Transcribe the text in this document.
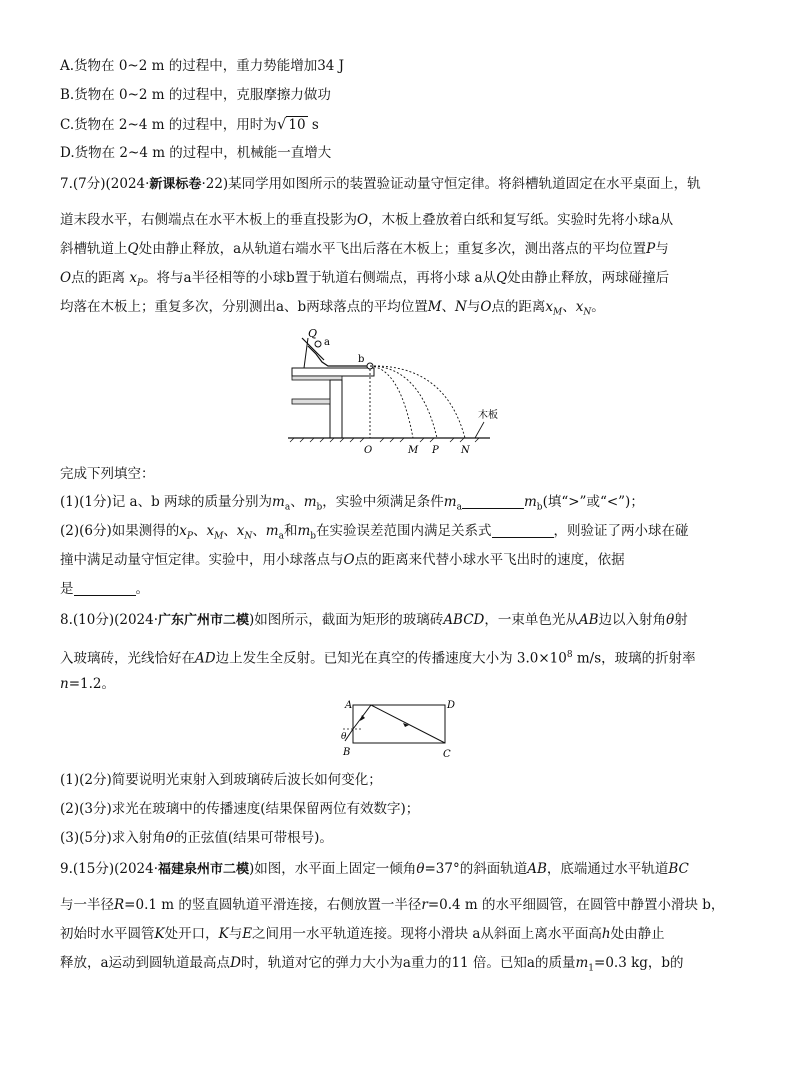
A.货物在 0~2 m 的过程中，重力势能增加34 J
B.货物在 0~2 m 的过程中，克服摩擦力做功
C.货物在 2~4 m 的过程中，用时为√ 10 s
D.货物在 2~4 m 的过程中，机械能一直增大
7.(7分)(2024·新课标卷·22)某同学用如图所示的装置验证动量守恒定律。将斜槽轨道固定在水平桌面上，轨
道末段水平，右侧端点在水平木板上的垂直投影为O，木板上叠放着白纸和复写纸。实验时先将小球a从
斜槽轨道上Q处由静止释放，a从轨道右端水平飞出后落在木板上；重复多次，测出落点的平均位置P与
O点的距离 $x_P$。将与a半径相等的小球b置于轨道右侧端点，再将小球 a从Q处由静止释放，两球碰撞后
均落在木板上；重复多次，分别测出a、b两球落点的平均位置M、N与O点的距离$x_M$、$x_N$。
Q
a
b
木板
O	M P N
完成下列填空：
(1)(1分)记 a、b 两球的质量分别为$m_a$、$m_b$，实验中须满足条件$m_a$	$m_b$(填“>”或“<”)；
(2)(6分)如果测得的$x_P$、$x_M$、$x_N$、$m_a$和$m_b$在实验误差范围内满足关系式	，则验证了两小球在碰
撞中满足动量守恒定律。实验中，用小球落点与O点的距离来代替小球水平飞出时的速度，依据
是	。
8.(10分)(2024·广东广州市二模)如图所示，截面为矩形的玻璃砖ABCD，一束单色光从AB边以入射角θ射
入玻璃砖，光线恰好在AD边上发生全反射。已知光在真空的传播速度大小为 $3.0\times 10^8$ m/s，玻璃的折射率
n=1.2。
A	D
B	C
θ
(1)(2分)简要说明光束射入到玻璃砖后波长如何变化；
(2)(3分)求光在玻璃中的传播速度(结果保留两位有效数字)；
(3)(5分)求入射角θ的正弦值(结果可带根号)。
9.(15分)(2024·福建泉州市二模)如图，水平面上固定一倾角θ=37°的斜面轨道AB，底端通过水平轨道BC
与一半径R=0.1 m 的竖直圆轨道平滑连接，右侧放置一半径r=0.4 m 的水平细圆管，在圆管中静置小滑块 b，
初始时水平圆管K处开口，K与E之间用一水平轨道连接。现将小滑块 a从斜面上离水平面高h处由静止
释放，a运动到圆轨道最高点D时，轨道对它的弹力大小为a重力的11 倍。已知a的质量$m_1=0.3$ kg，b的
